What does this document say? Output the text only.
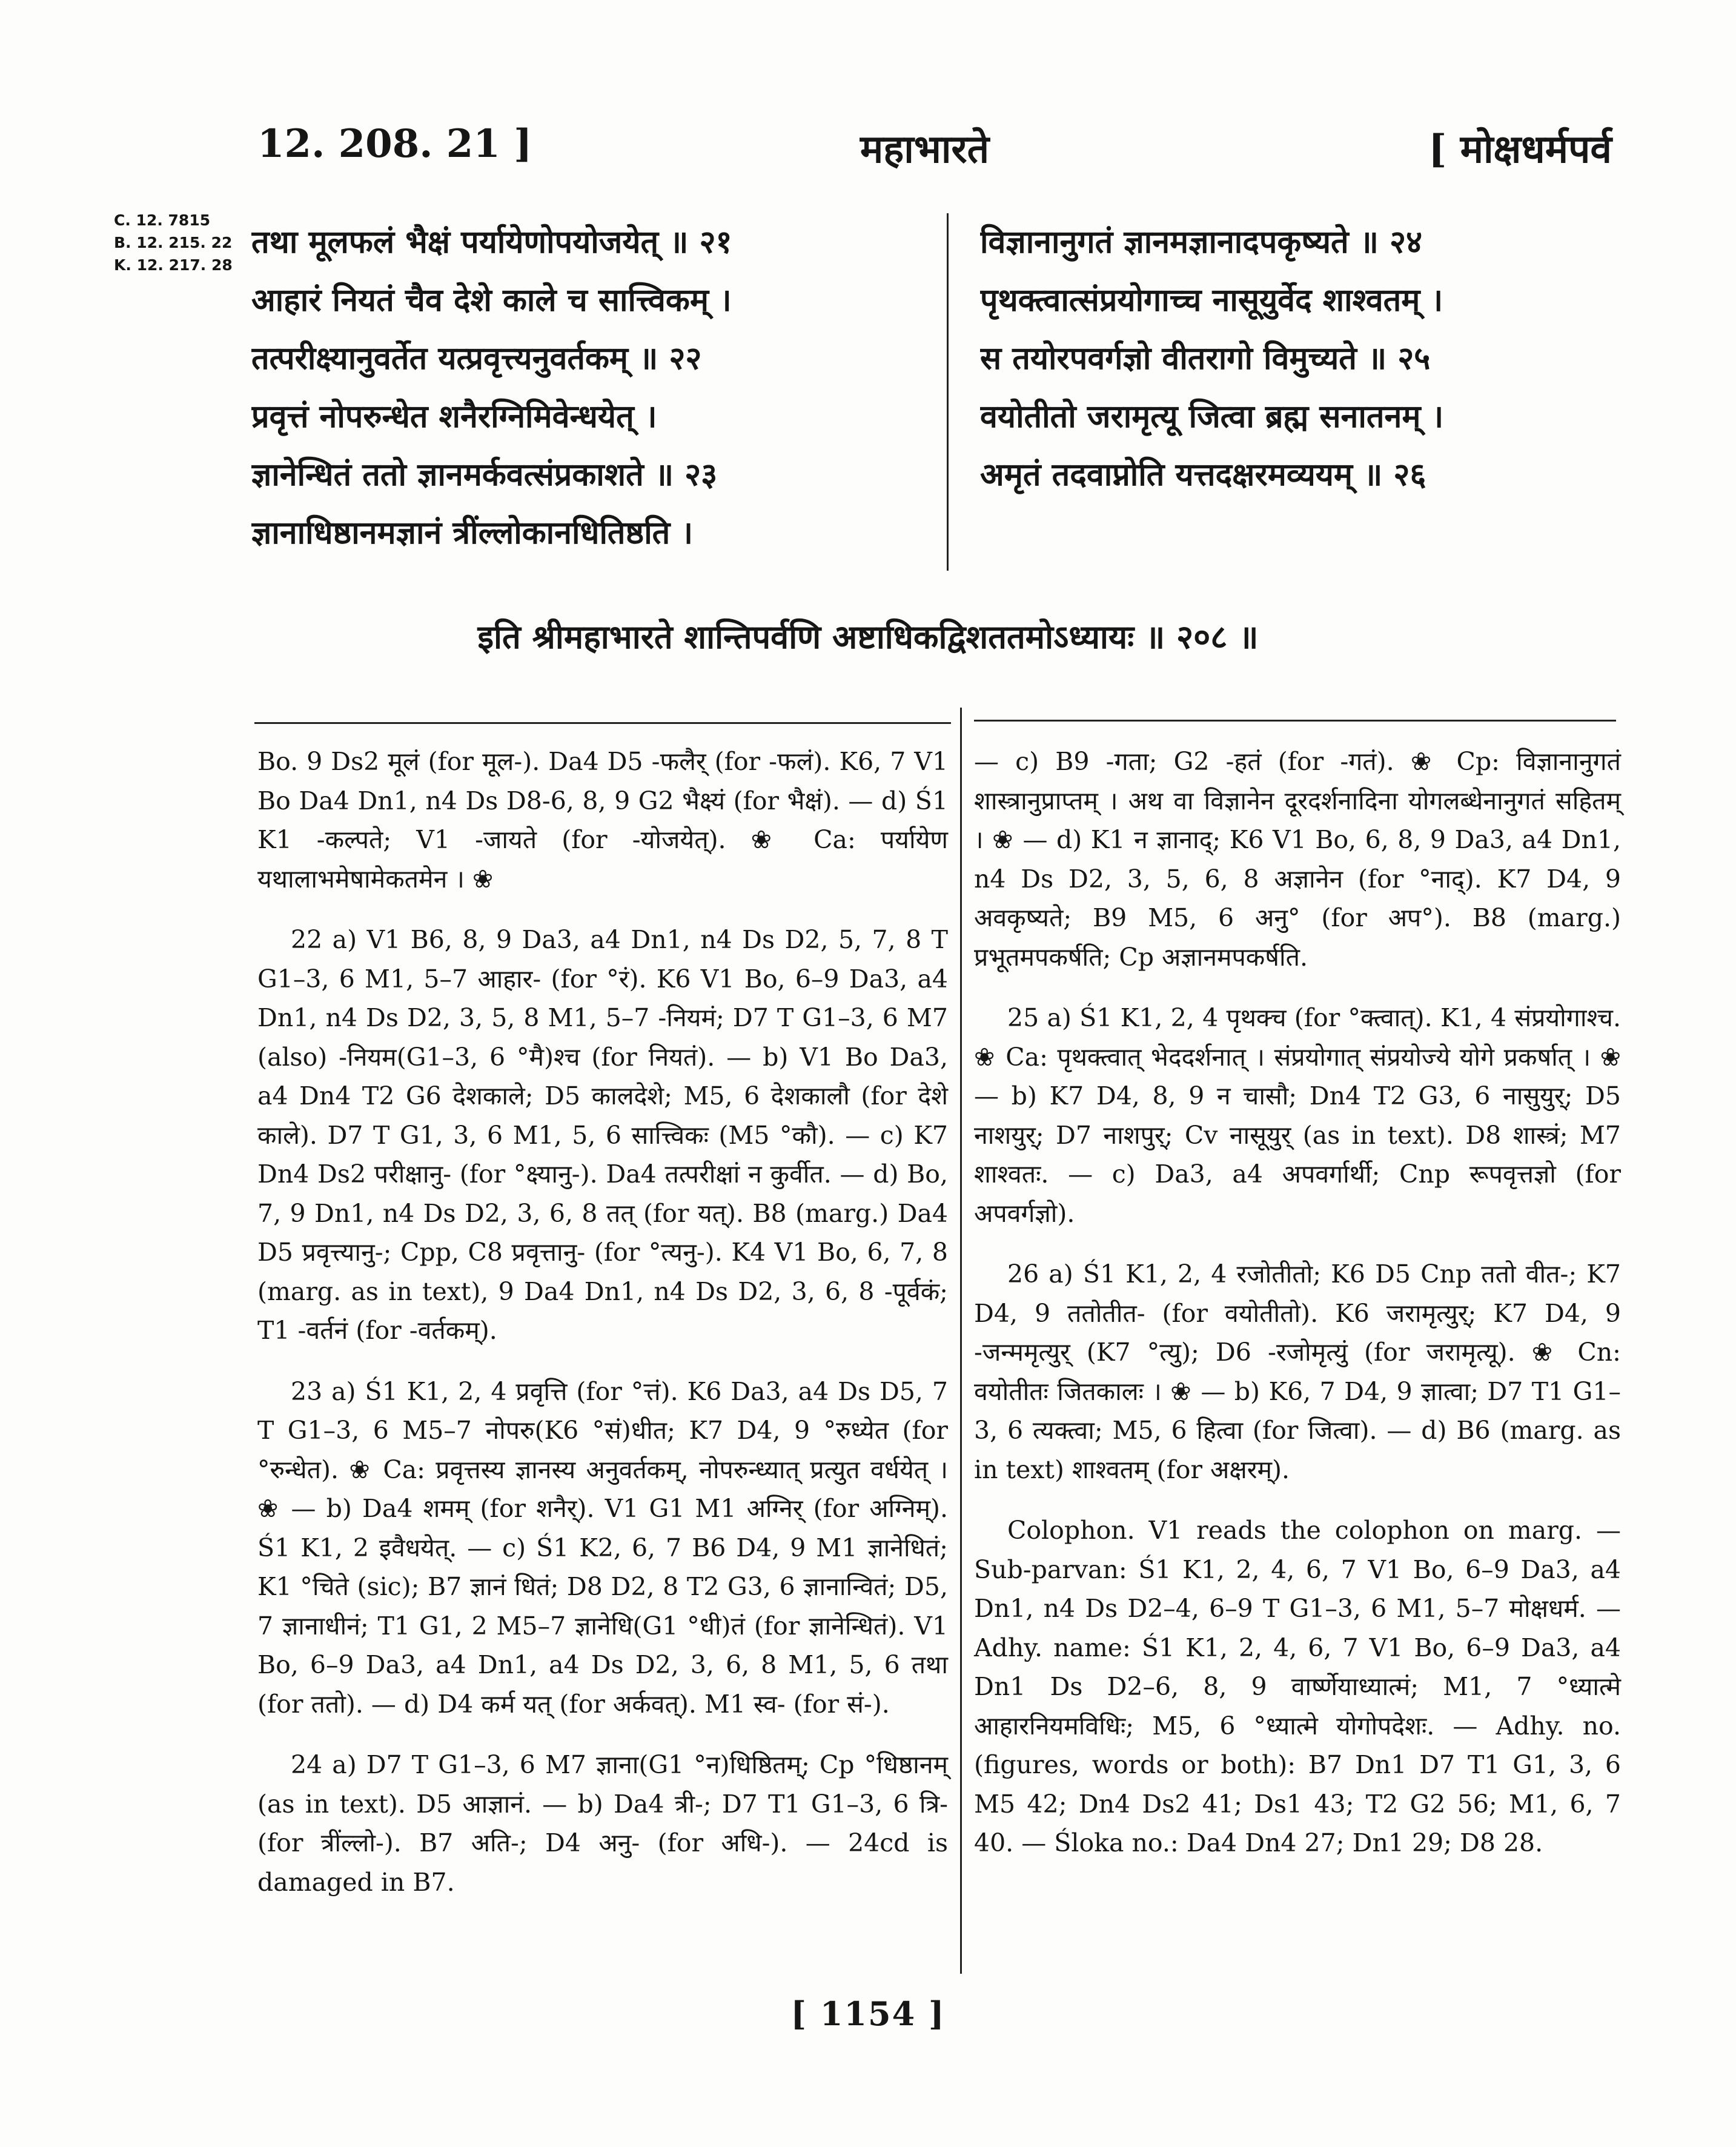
12. 208. 21 ]	महाभारते	[ मोक्षधर्मपर्व
C. 12. 7815
B. 12. 215. 22
K. 12. 217. 28
तथा मूलफलं भैक्षं पर्यायेणोपयोजयेत् ॥ २१
आहारं नियतं चैव देशे काले च सात्त्विकम् ।
तत्परीक्ष्यानुवर्तेत यत्प्रवृत्त्यनुवर्तकम् ॥ २२
प्रवृत्तं नोपरुन्धेत शनैरग्निमिवेन्धयेत् ।
ज्ञानेन्धितं ततो ज्ञानमर्कवत्संप्रकाशते ॥ २३
ज्ञानाधिष्ठानमज्ञानं त्रींल्लोकानधितिष्ठति ।
विज्ञानानुगतं ज्ञानमज्ञानादपकृष्यते ॥ २४
पृथक्त्वात्संप्रयोगाच्च नासूयुर्वेद शाश्वतम् ।
स तयोरपवर्गज्ञो वीतरागो विमुच्यते ॥ २५
वयोतीतो जरामृत्यू जित्वा ब्रह्म सनातनम् ।
अमृतं तदवाप्नोति यत्तदक्षरमव्ययम् ॥ २६
इति श्रीमहाभारते शान्तिपर्वणि अष्टाधिकद्विशततमोऽध्यायः ॥ २०८ ॥

Bo. 9 Ds2 मूलं (for मूल-). Da4 D5 -फलैर् (for -फलं). K6, 7 V1 Bo Da4 Dn1, n4 Ds D8-6, 8, 9 G2 भैक्ष्यं (for भैक्षं). — d) Ś1 K1 -कल्पते; V1 -जायते (for -योजयेत्). ❀ Ca: पर्यायेण यथालाभमेषामेकतमेन । ❀

22 a) V1 B6, 8, 9 Da3, a4 Dn1, n4 Ds D2, 5, 7, 8 T G1–3, 6 M1, 5–7 आहार- (for °रं). K6 V1 Bo, 6–9 Da3, a4 Dn1, n4 Ds D2, 3, 5, 8 M1, 5–7 -नियमं; D7 T G1–3, 6 M7 (also) -नियम(G1–3, 6 °मै)श्च (for नियतं). — b) V1 Bo Da3, a4 Dn4 T2 G6 देशकाले; D5 कालदेशे; M5, 6 देशकालौ (for देशे काले). D7 T G1, 3, 6 M1, 5, 6 सात्त्विकः (M5 °कौ). — c) K7 Dn4 Ds2 परीक्षानु- (for °क्ष्यानु-). Da4 तत्परीक्षां न कुर्वीत. — d) Bo, 7, 9 Dn1, n4 Ds D2, 3, 6, 8 तत् (for यत्). B8 (marg.) Da4 D5 प्रवृत्त्यानु-; Cpp, C8 प्रवृत्तानु- (for °त्यनु-). K4 V1 Bo, 6, 7, 8 (marg. as in text), 9 Da4 Dn1, n4 Ds D2, 3, 6, 8 -पूर्वकं; T1 -वर्तनं (for -वर्तकम्).

23 a) Ś1 K1, 2, 4 प्रवृत्ति (for °त्तं). K6 Da3, a4 Ds D5, 7 T G1–3, 6 M5–7 नोपरु(K6 °सं)धीत; K7 D4, 9 °रुध्येत (for °रुन्धेत). ❀ Ca: प्रवृत्तस्य ज्ञानस्य अनुवर्तकम्, नोपरुन्ध्यात् प्रत्युत वर्धयेत् । ❀ — b) Da4 शमम् (for शनैर्). V1 G1 M1 अग्निर् (for अग्निम्). Ś1 K1, 2 इवैधयेत्. — c) Ś1 K2, 6, 7 B6 D4, 9 M1 ज्ञानेधितं; K1 °चिते (sic); B7 ज्ञानं धितं; D8 D2, 8 T2 G3, 6 ज्ञानान्वितं; D5, 7 ज्ञानाधीनं; T1 G1, 2 M5–7 ज्ञानेधि(G1 °धी)तं (for ज्ञानेन्धितं). V1 Bo, 6–9 Da3, a4 Dn1, a4 Ds D2, 3, 6, 8 M1, 5, 6 तथा (for ततो). — d) D4 कर्म यत् (for अर्कवत्). M1 स्व- (for सं-).

24 a) D7 T G1–3, 6 M7 ज्ञाना(G1 °न)धिष्ठितम्; Cp °धिष्ठानम् (as in text). D5 आज्ञानं. — b) Da4 त्री-; D7 T1 G1–3, 6 त्रि- (for त्रींल्लो-). B7 अति-; D4 अनु- (for अधि-). — 24cd is damaged in B7.

— c) B9 -गता; G2 -हतं (for -गतं). ❀ Cp: विज्ञानानुगतं शास्त्रानुप्राप्तम् । अथ वा विज्ञानेन दूरदर्शनादिना योगलब्धेनानुगतं सहितम् । ❀ — d) K1 न ज्ञानाद्; K6 V1 Bo, 6, 8, 9 Da3, a4 Dn1, n4 Ds D2, 3, 5, 6, 8 अज्ञानेन (for °नाद्). K7 D4, 9 अवकृष्यते; B9 M5, 6 अनु° (for अप°). B8 (marg.) प्रभूतमपकर्षति; Cp अज्ञानमपकर्षति.

25 a) Ś1 K1, 2, 4 पृथक्च (for °क्त्वात्). K1, 4 संप्रयोगाश्च. ❀ Ca: पृथक्त्वात् भेददर्शनात् । संप्रयोगात् संप्रयोज्ये योगे प्रकर्षात् । ❀ — b) K7 D4, 8, 9 न चासौ; Dn4 T2 G3, 6 नासुयुर्; D5 नाशयुर्; D7 नाशपुर्; Cv नासूयुर् (as in text). D8 शास्त्रं; M7 शाश्वतः. — c) Da3, a4 अपवर्गार्थी; Cnp रूपवृत्तज्ञो (for अपवर्गज्ञो).

26 a) Ś1 K1, 2, 4 रजोतीतो; K6 D5 Cnp ततो वीत-; K7 D4, 9 ततोतीत- (for वयोतीतो). K6 जरामृत्युर्; K7 D4, 9 -जन्ममृत्युर् (K7 °त्यु); D6 -रजोमृत्युं (for जरामृत्यू). ❀ Cn: वयोतीतः जितकालः । ❀ — b) K6, 7 D4, 9 ज्ञात्वा; D7 T1 G1–3, 6 त्यक्त्वा; M5, 6 हित्वा (for जित्वा). — d) B6 (marg. as in text) शाश्वतम् (for अक्षरम्).

Colophon. V1 reads the colophon on marg. — Sub-parvan: Ś1 K1, 2, 4, 6, 7 V1 Bo, 6–9 Da3, a4 Dn1, n4 Ds D2–4, 6–9 T G1–3, 6 M1, 5–7 मोक्षधर्म. — Adhy. name: Ś1 K1, 2, 4, 6, 7 V1 Bo, 6–9 Da3, a4 Dn1 Ds D2–6, 8, 9 वार्ष्णेयाध्यात्मं; M1, 7 °ध्यात्मे आहारनियमविधिः; M5, 6 °ध्यात्मे योगोपदेशः. — Adhy. no. (figures, words or both): B7 Dn1 D7 T1 G1, 3, 6 M5 42; Dn4 Ds2 41; Ds1 43; T2 G2 56; M1, 6, 7 40. — Śloka no.: Da4 Dn4 27; Dn1 29; D8 28.

[ 1154 ]
